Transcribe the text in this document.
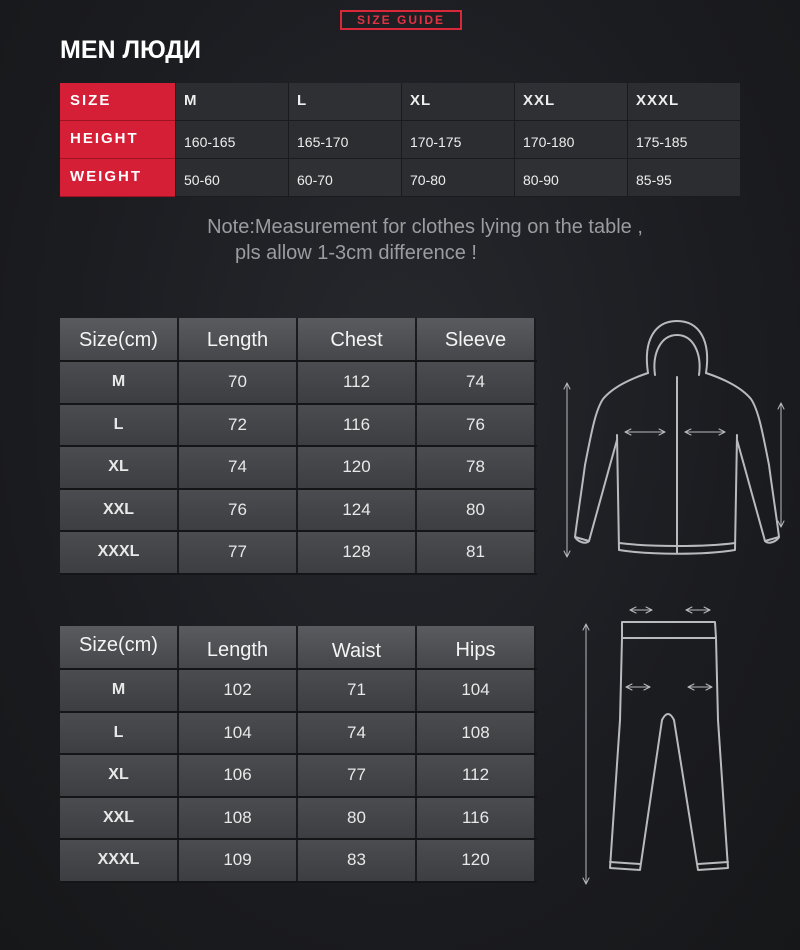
SIZE GUIDE
MEN ЛЮДИ
SIZE	M	L	XL	XXL	XXXL
HEIGHT	160-165	165-170	170-175	170-180	175-185
WEIGHT	50-60	60-70	70-80	80-90	85-95
Note:Measurement for clothes lying on the table ,
pls allow 1-3cm difference !
Size(cm)	Length	Chest	Sleeve
M	70	112	74
L	72	116	76
XL	74	120	78
XXL	76	124	80
XXXL	77	128	81
Size(cm)	Length	Waist	Hips
M	102	71	104
L	104	74	108
XL	106	77	112
XXL	108	80	116
XXXL	109	83	120
